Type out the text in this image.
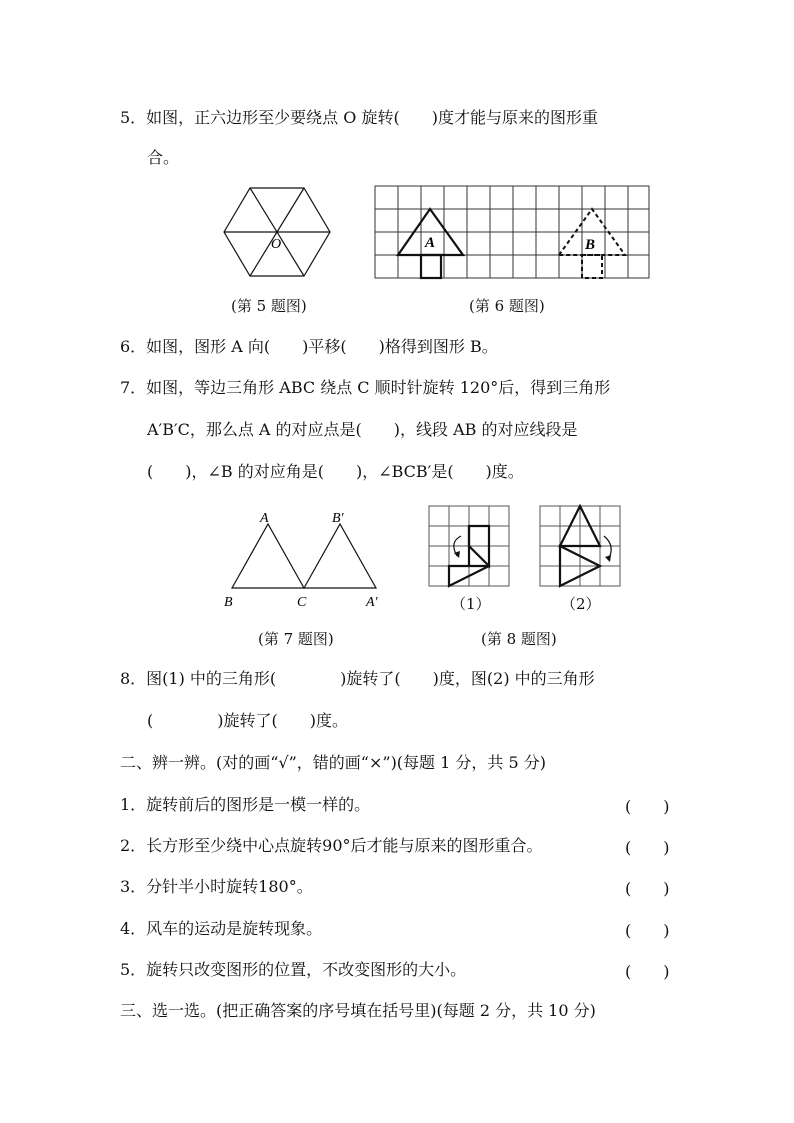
5．如图，正六边形至少要绕点 O 旋转(　　)度才能与原来的图形重
合。
O
(第 5 题图)
A	B
(第 6 题图)
6．如图，图形 A 向(　　)平移(　　)格得到图形 B。
7．如图，等边三角形 ABC 绕点 C 顺时针旋转 120°后，得到三角形
A′B′C，那么点 A 的对应点是(　　)，线段 AB 的对应线段是
(　　)，∠B 的对应角是(　　)，∠BCB′是(　　)度。
A	B′
B	C	A′
(第 7 题图)
（1）	（2）
(第 8 题图)
8．图(1) 中的三角形(　　　　)旋转了(　　)度，图(2) 中的三角形
(　　　　)旋转了(　　)度。
二、辨一辨。(对的画“√”，错的画“×”)(每题 1 分，共 5 分)
1．旋转前后的图形是一模一样的。	(　　)
2．长方形至少绕中心点旋转90°后才能与原来的图形重合。	(　　)
3．分针半小时旋转180°。	(　　)
4．风车的运动是旋转现象。	(　　)
5．旋转只改变图形的位置，不改变图形的大小。	(　　)
三、选一选。(把正确答案的序号填在括号里)(每题 2 分，共 10 分)
